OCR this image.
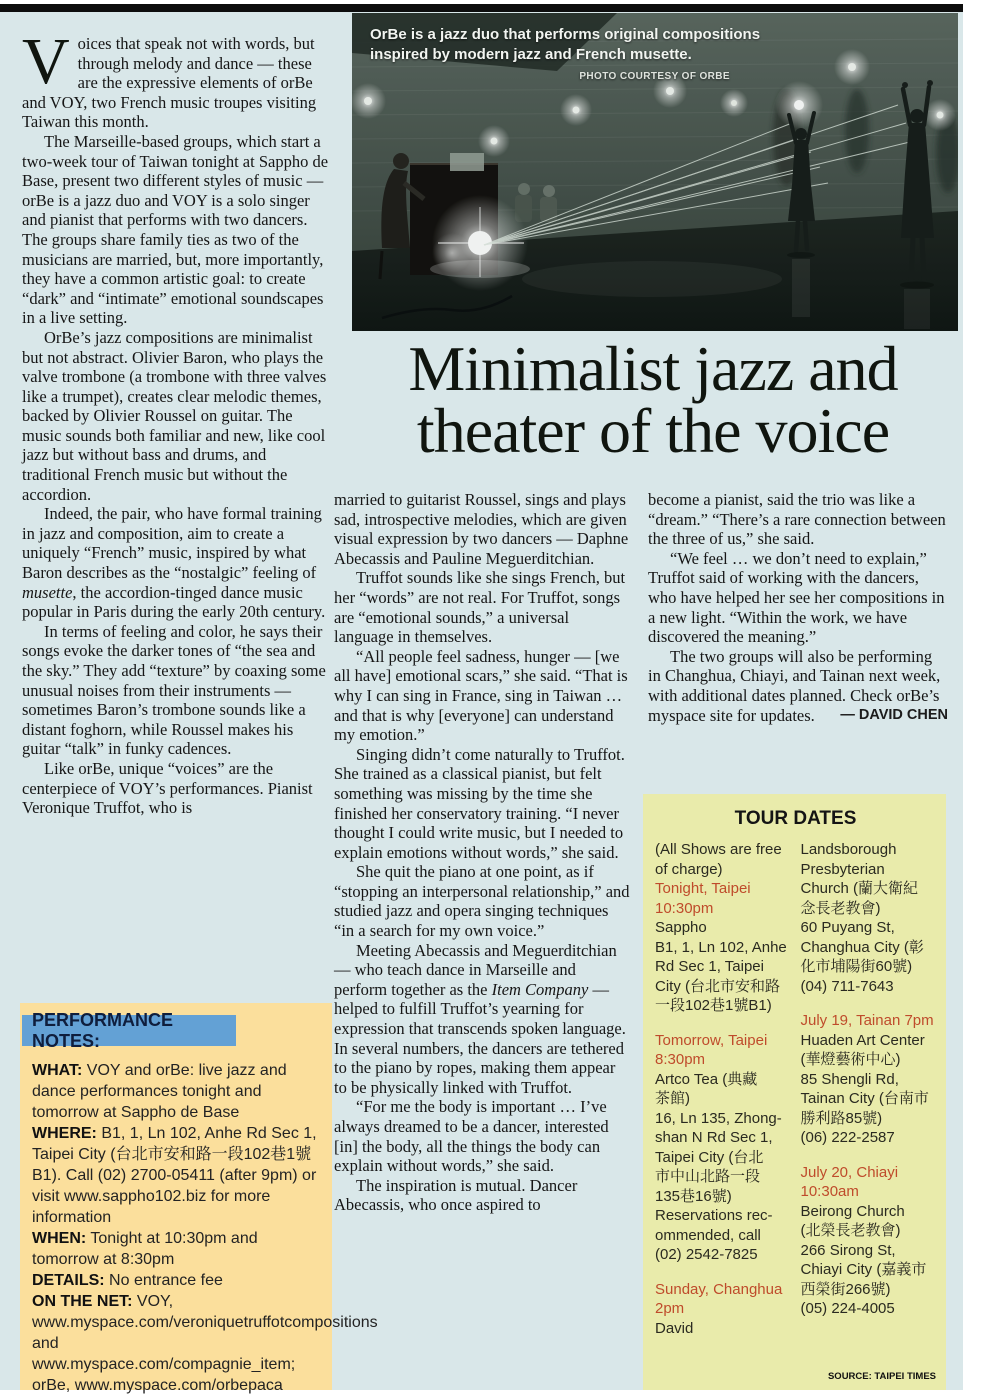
OrBe is a jazz duo that performs original compositions inspired by modern jazz and French musette.
PHOTO COURTESY OF ORBE
Minimalist jazz and
theater of the voice

Voices that speak not with words, but through melody and dance — these are the expressive elements of orBe and VOY, two French music troupes visiting Taiwan this month.

The Marseille-based groups, which start a two-week tour of Taiwan tonight at Sappho de Base, present two different styles of music — orBe is a jazz duo and VOY is a solo singer and pianist that performs with two dancers. The groups share family ties as two of the musicians are married, but, more importantly, they have a common artistic goal: to create “dark” and “intimate” emotional soundscapes in a live setting.

OrBe’s jazz compositions are minimalist but not abstract. Olivier Baron, who plays the valve trombone (a trombone with three valves like a trumpet), creates clear melodic themes, backed by Olivier Roussel on guitar. The music sounds both familiar and new, like cool jazz but without bass and drums, and traditional French music but without the accordion.

Indeed, the pair, who have formal training in jazz and composition, aim to create a uniquely “French” music, inspired by what Baron describes as the “nostalgic” feeling of musette, the accordion-tinged dance music popular in Paris during the early 20th century.

In terms of feeling and color, he says their songs evoke the darker tones of “the sea and the sky.” They add “texture” by coaxing some unusual noises from their instruments — sometimes Baron’s trombone sounds like a distant foghorn, while Roussel makes his guitar “talk” in funky cadences.

Like orBe, unique “voices” are the centerpiece of VOY’s performances. Pianist Veronique Truffot, who is

married to guitarist Roussel, sings and plays sad, introspective melodies, which are given visual expression by two dancers — Daphne Abecassis and Pauline Meguerditchian.

Truffot sounds like she sings French, but her “words” are not real. For Truffot, songs are “emotional sounds,” a universal language in themselves.

“All people feel sadness, hunger — [we all have] emotional scars,” she said. “That is why I can sing in France, sing in Taiwan … and that is why [everyone] can understand my emotion.”

Singing didn’t come naturally to Truffot. She trained as a classical pianist, but felt something was missing by the time she finished her conservatory training. “I never thought I could write music, but I needed to explain emotions without words,” she said.

She quit the piano at one point, as if “stopping an interpersonal relationship,” and studied jazz and opera singing techniques “in a search for my own voice.”

Meeting Abecassis and Meguerditchian — who teach dance in Marseille and perform together as the Item Company — helped to fulfill Truffot’s yearning for expression that transcends spoken language. In several numbers, the dancers are tethered to the piano by ropes, making them appear to be physically linked with Truffot.

“For me the body is important … I’ve always dreamed to be a dancer, interested [in] the body, all the things the body can explain without words,” she said.

The inspiration is mutual. Dancer Abecassis, who once aspired to

become a pianist, said the trio was like a “dream.” “There’s a rare connection between the three of us,” she said.

“We feel … we don’t need to explain,” Truffot said of working with the dancers, who have helped her see her compositions in a new light. “Within the work, we have discovered the meaning.”

The two groups will also be performing in Changhua, Chiayi, and Tainan next week, with additional dates planned. Check orBe’s myspace site for updates.	— DAVID CHEN
PERFORMANCE NOTES:

WHAT: VOY and orBe: live jazz and dance performances tonight and tomorrow at Sappho de Base

WHERE: B1, 1, Ln 102, Anhe Rd Sec 1, Taipei City (台北市安和路一段102巷1號 B1). Call (02) 2700-05411 (after 9pm) or visit www.sappho102.biz for more information

WHEN: Tonight at 10:30pm and tomorrow at 8:30pm

DETAILS: No entrance fee

ON THE NET: VOY, www.myspace.com/veroniquetruffotcompositions and www.myspace.com/compagnie_item; orBe, www.myspace.com/orbepaca

TOUR DATES
(All Shows are free
of charge)
Tonight, Taipei
10:30pm
Sappho
B1, 1, Ln 102, Anhe
Rd Sec 1, Taipei
City (台北市安和路
一段102巷1號B1)
Tomorrow, Taipei
8:30pm
Artco Tea (典藏
茶館)
16, Ln 135, Zhong-
shan N Rd Sec 1,
Taipei City (台北
市中山北路一段
135巷16號)
Reservations rec-
ommended, call
(02) 2542-7825
Sunday, Changhua
2pm
David
Landsborough
Presbyterian
Church (蘭大衛紀
念長老教會)
60 Puyang St,
Changhua City (彰
化市埔陽街60號)
(04) 711-7643
July 19, Tainan 7pm
Huaden Art Center
(華燈藝術中心)
85 Shengli Rd,
Tainan City (台南市
勝利路85號)
(06) 222-2587
July 20, Chiayi
10:30am
Beirong Church
(北榮長老教會)
266 Sirong St,
Chiayi City (嘉義市
西榮街266號)
(05) 224-4005
SOURCE: TAIPEI TIMES
